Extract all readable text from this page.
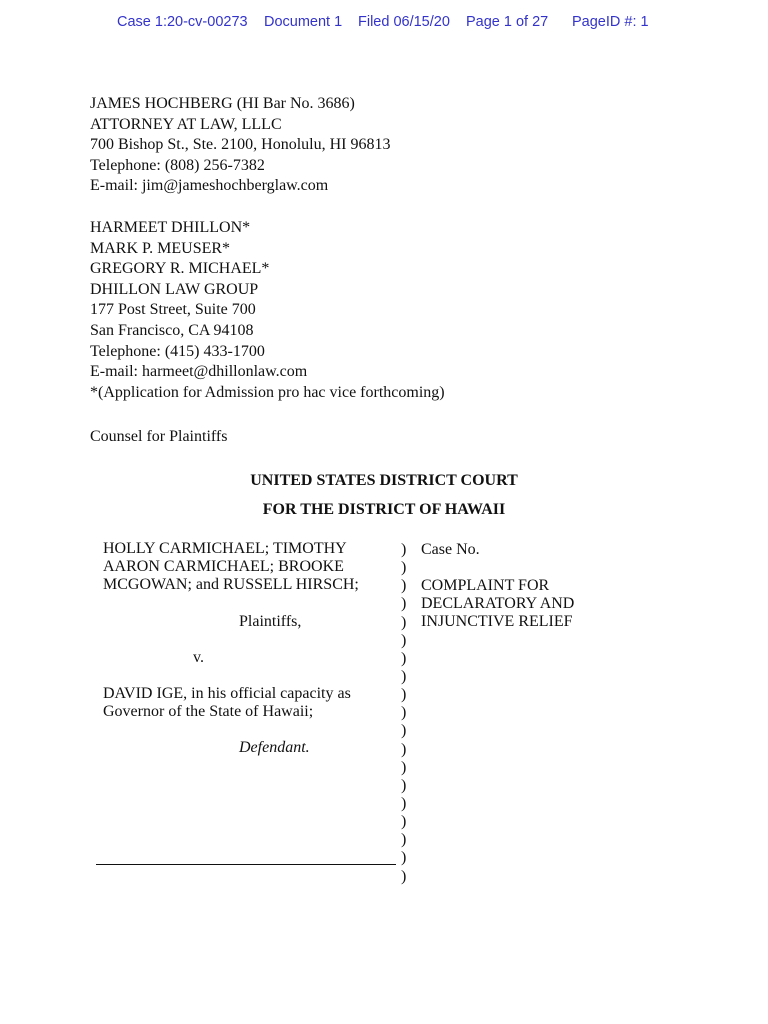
Case 1:20-cv-00273 Document 1 Filed 06/15/20 Page 1 of 27 PageID #: 1
JAMES HOCHBERG (HI Bar No. 3686)
ATTORNEY AT LAW, LLLC
700 Bishop St., Ste. 2100, Honolulu, HI 96813
Telephone: (808) 256-7382
E-mail: jim@jameshochberglaw.com
HARMEET DHILLON*
MARK P. MEUSER*
GREGORY R. MICHAEL*
DHILLON LAW GROUP
177 Post Street, Suite 700
San Francisco, CA 94108
Telephone: (415) 433-1700
E-mail: harmeet@dhillonlaw.com
*(Application for Admission pro hac vice forthcoming)
Counsel for Plaintiffs
UNITED STATES DISTRICT COURT
FOR THE DISTRICT OF HAWAII
HOLLY CARMICHAEL; TIMOTHY
AARON CARMICHAEL; BROOKE
MCGOWAN; and RUSSELL HIRSCH;
Plaintiffs,
v.
DAVID IGE, in his official capacity as
Governor of the State of Hawaii;
Defendant.
)
)
)
)
)
)
)
)
)
)
)
)
)
)
)
)
)
)
)
Case No.
COMPLAINT FOR
DECLARATORY AND
INJUNCTIVE RELIEF
